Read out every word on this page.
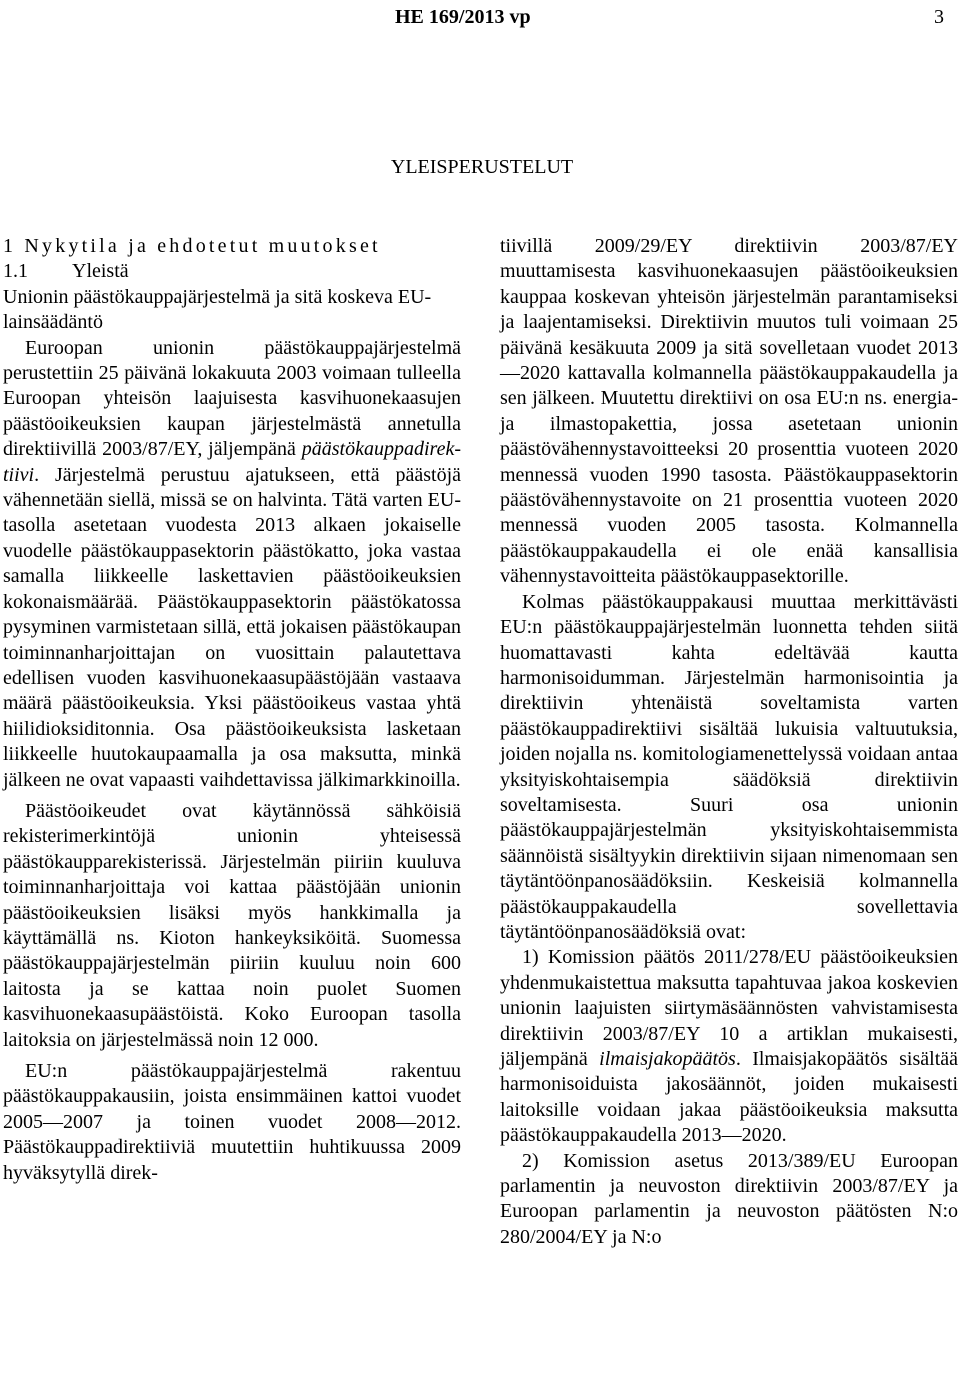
HE 169/2013 vp	3
YLEISPERUSTELUT

1 Nykytila ja ehdotetut muutokset

1.1 Yleistä

Unionin päästökauppajärjestelmä ja sitä koskeva EU-lainsäädäntö

Euroopan unionin päästökauppajärjestelmä perustettiin 25 päivänä lokakuuta 2003 voimaan tulleella Euroopan yhteisön laajuisesta kasvihuonekaasujen päästöoikeuksien kaupan järjestelmästä annetulla direktiivillä 2003/87/EY, jäljempänä päästökauppadirektiivi. Järjestelmä perustuu ajatukseen, että päästöjä vähennetään siellä, missä se on halvinta. Tätä varten EU-tasolla asetetaan vuodesta 2013 alkaen jokaiselle vuodelle päästökauppasektorin päästökatto, joka vastaa samalla liikkeelle laskettavien päästöoikeuksien kokonaismäärää. Päästökauppasektorin päästökatossa pysyminen varmistetaan sillä, että jokaisen päästökaupan toiminnanharjoittajan on vuosittain palautettava edellisen vuoden kasvihuonekaasupäästöjään vastaava määrä päästöoikeuksia. Yksi päästöoikeus vastaa yhtä hiilidioksiditonnia. Osa päästöoikeuksista lasketaan liikkeelle huutokaupaamalla ja osa maksutta, minkä jälkeen ne ovat vapaasti vaihdettavissa jälkimarkkinoilla.

Päästöoikeudet ovat käytännössä sähköisiä rekisterimerkintöjä unionin yhteisessä päästökaupparekisterissä. Järjestelmän piiriin kuuluva toiminnanharjoittaja voi kattaa päästöjään unionin päästöoikeuksien lisäksi myös hankkimalla ja käyttämällä ns. Kioton hankeyksiköitä. Suomessa päästökauppajärjestelmän piiriin kuuluu noin 600 laitosta ja se kattaa noin puolet Suomen kasvihuonekaasupäästöistä. Koko Euroopan tasolla laitoksia on järjestelmässä noin 12 000.

EU:n päästökauppajärjestelmä rakentuu päästökauppakausiin, joista ensimmäinen kattoi vuodet 2005—2007 ja toinen vuodet 2008—2012. Päästökauppadirektiiviä muutettiin huhtikuussa 2009 hyväksytyllä direk-

tiivillä 2009/29/EY direktiivin 2003/87/EY muuttamisesta kasvihuonekaasujen päästöoikeuksien kauppaa koskevan yhteisön järjestelmän parantamiseksi ja laajentamiseksi. Direktiivin muutos tuli voimaan 25 päivänä kesäkuuta 2009 ja sitä sovelletaan vuodet 2013—2020 kattavalla kolmannella päästökauppakaudella ja sen jälkeen. Muutettu direktiivi on osa EU:n ns. energia- ja ilmastopakettia, jossa asetetaan unionin päästövähennystavoitteeksi 20 prosenttia vuoteen 2020 mennessä vuoden 1990 tasosta. Päästökauppasektorin päästövähennystavoite on 21 prosenttia vuoteen 2020 mennessä vuoden 2005 tasosta. Kolmannella päästökauppakaudella ei ole enää kansallisia vähennystavoitteita päästökauppasektorille.

Kolmas päästökauppakausi muuttaa merkittävästi EU:n päästökauppajärjestelmän luonnetta tehden siitä huomattavasti kahta edeltävää kautta harmonisoidumman. Järjestelmän harmonisointia ja direktiivin yhtenäistä soveltamista varten päästökauppadirektiivi sisältää lukuisia valtuutuksia, joiden nojalla ns. komitologiamenettelyssä voidaan antaa yksityiskohtaisempia säädöksiä direktiivin soveltamisesta. Suuri osa unionin päästökauppajärjestelmän yksityiskohtaisemmista säännöistä sisältyykin direktiivin sijaan nimenomaan sen täytäntöönpanosäädöksiin. Keskeisiä kolmannella päästökauppakaudella sovellettavia täytäntöönpanosäädöksiä ovat:

1) Komission päätös 2011/278/EU päästöoikeuksien yhdenmukaistettua maksutta tapahtuvaa jakoa koskevien unionin laajuisten siirtymäsäännösten vahvistamisesta direktiivin 2003/87/EY 10 a artiklan mukaisesti, jäljempänä ilmaisjakopäätös. Ilmaisjakopäätös sisältää harmonisoiduista jakosäännöt, joiden mukaisesti laitoksille voidaan jakaa päästöoikeuksia maksutta päästökauppakaudella 2013—2020.

2) Komission asetus 2013/389/EU Euroopan parlamentin ja neuvoston direktiivin 2003/87/EY ja Euroopan parlamentin ja neuvoston päätösten N:o 280/2004/EY ja N:o
